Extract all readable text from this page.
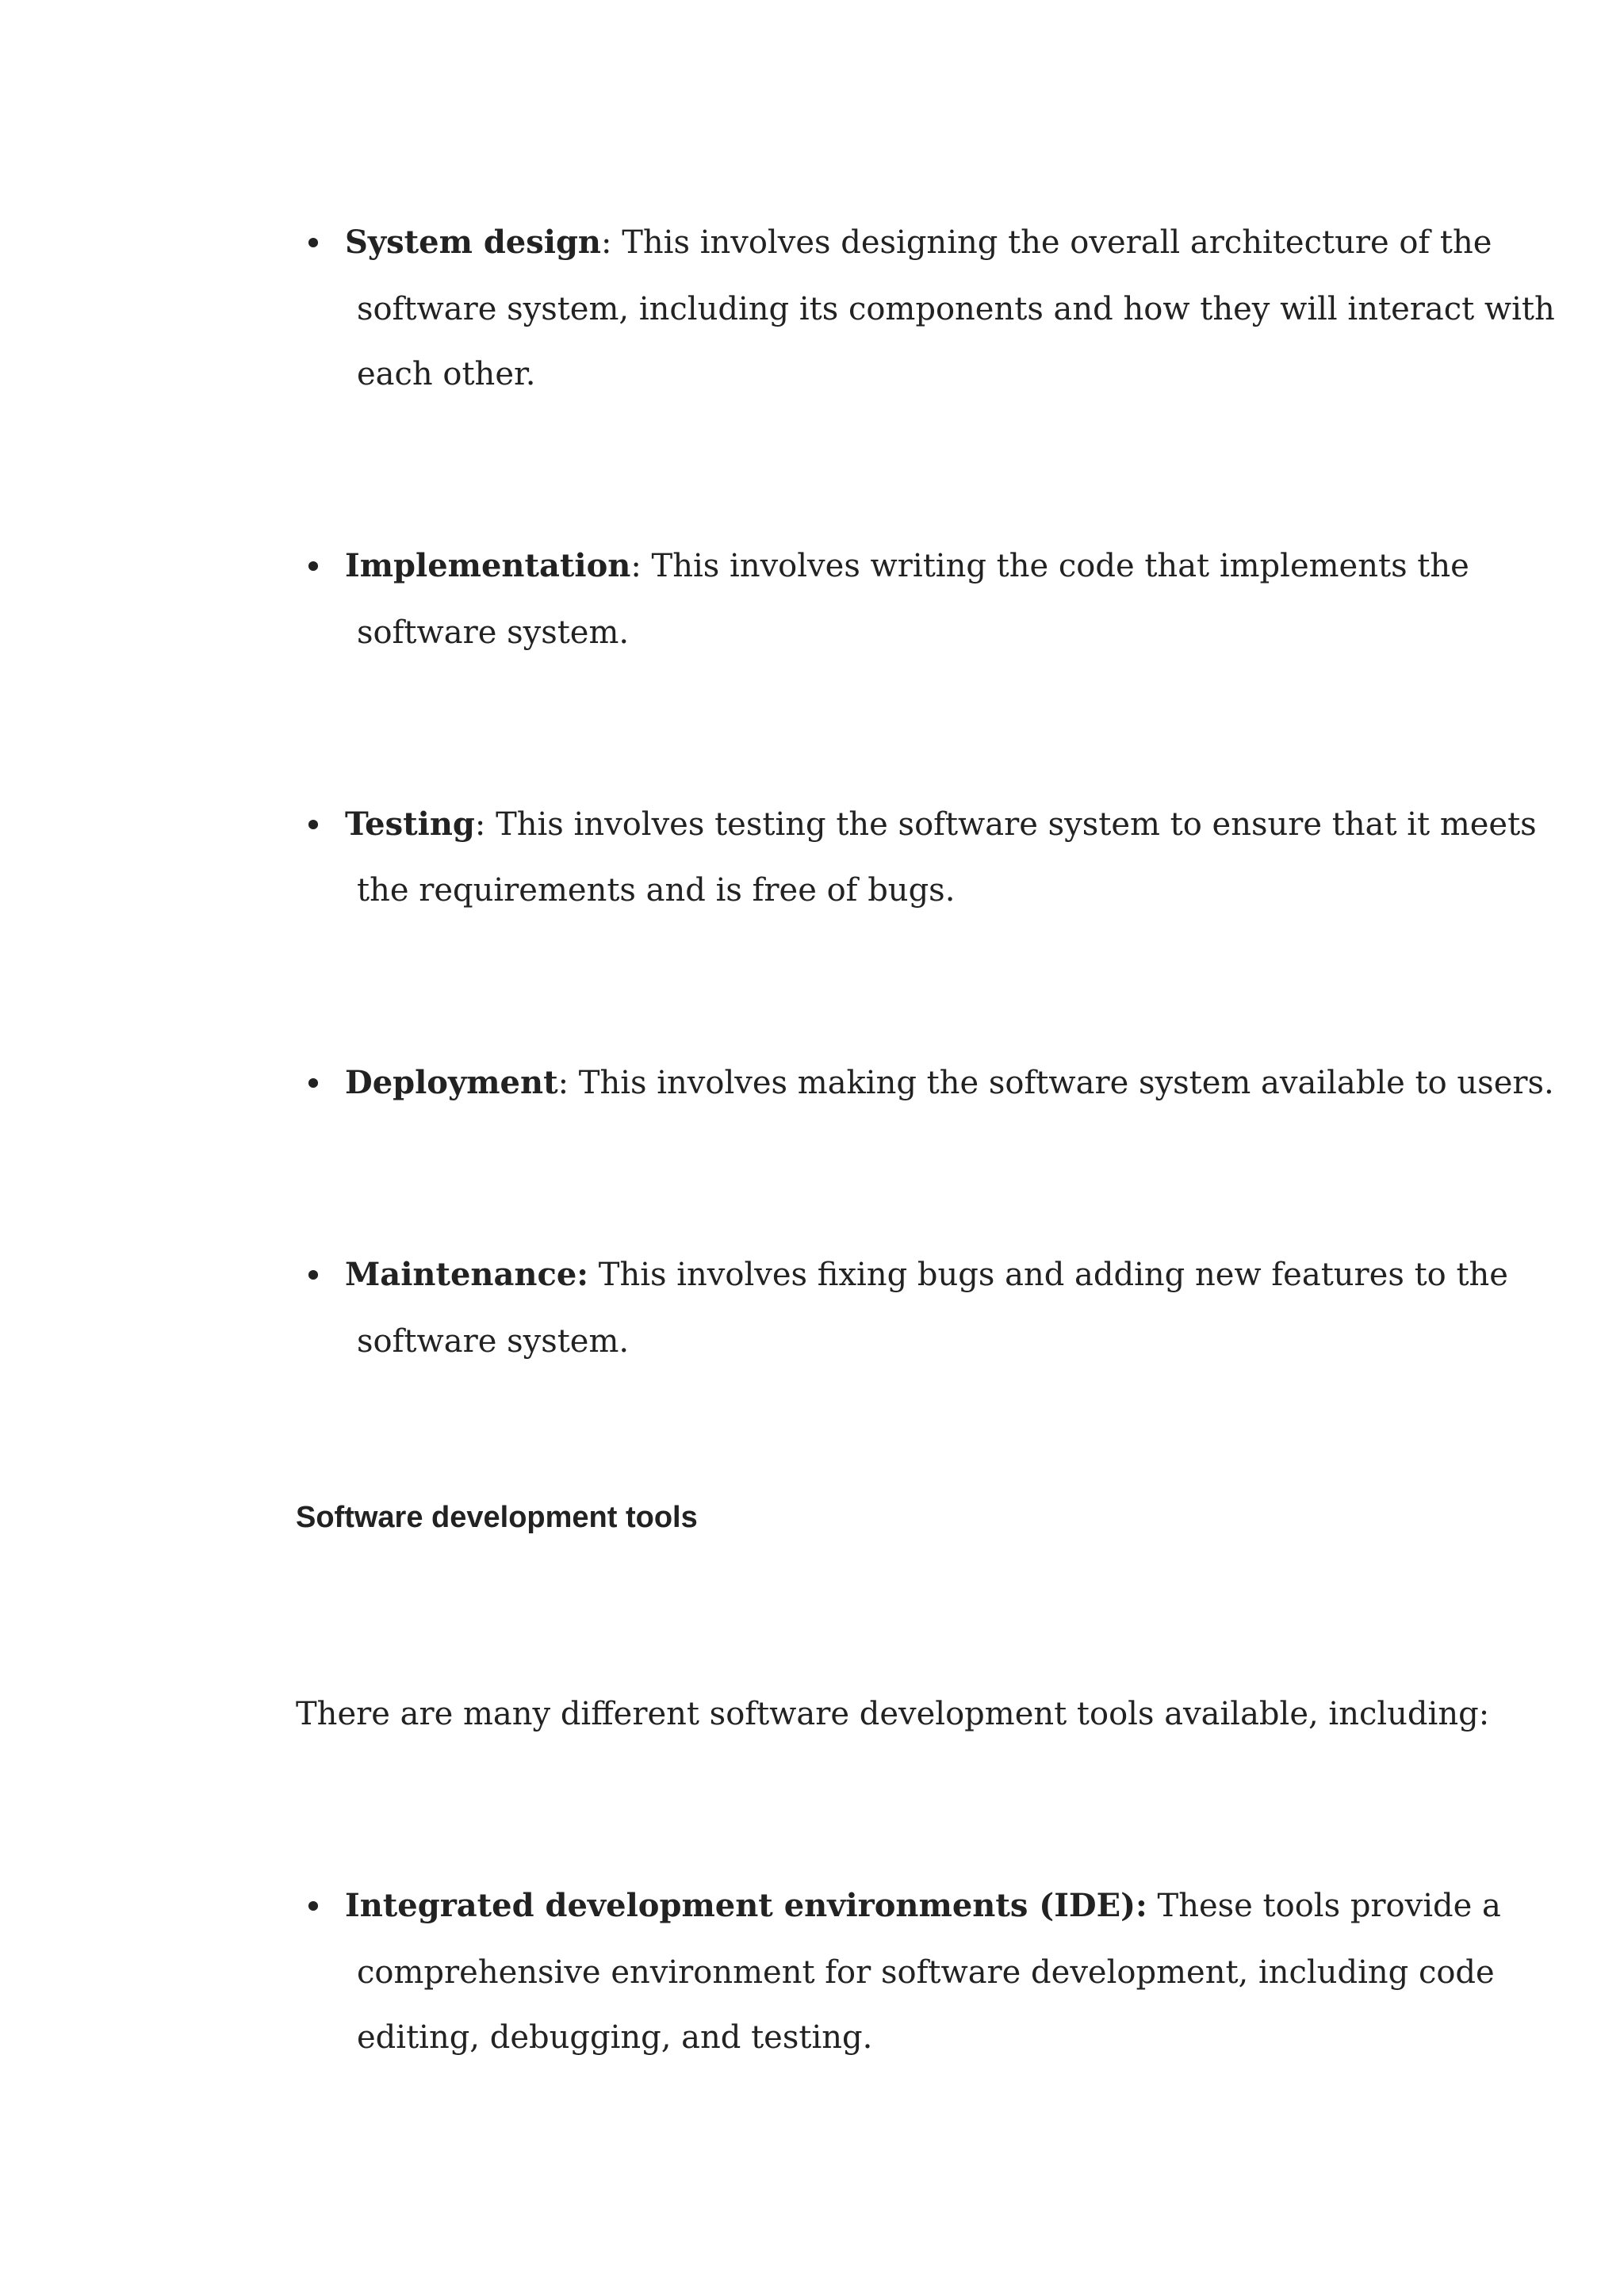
System design: This involves designing the overall architecture of the
software system, including its components and how they will interact with
each other.
Implementation: This involves writing the code that implements the
software system.
Testing: This involves testing the software system to ensure that it meets
the requirements and is free of bugs.
Deployment: This involves making the software system available to users.
Maintenance: This involves fixing bugs and adding new features to the
software system.
Software development tools
There are many different software development tools available, including:
Integrated development environments (IDE): These tools provide a
comprehensive environment for software development, including code
editing, debugging, and testing.
